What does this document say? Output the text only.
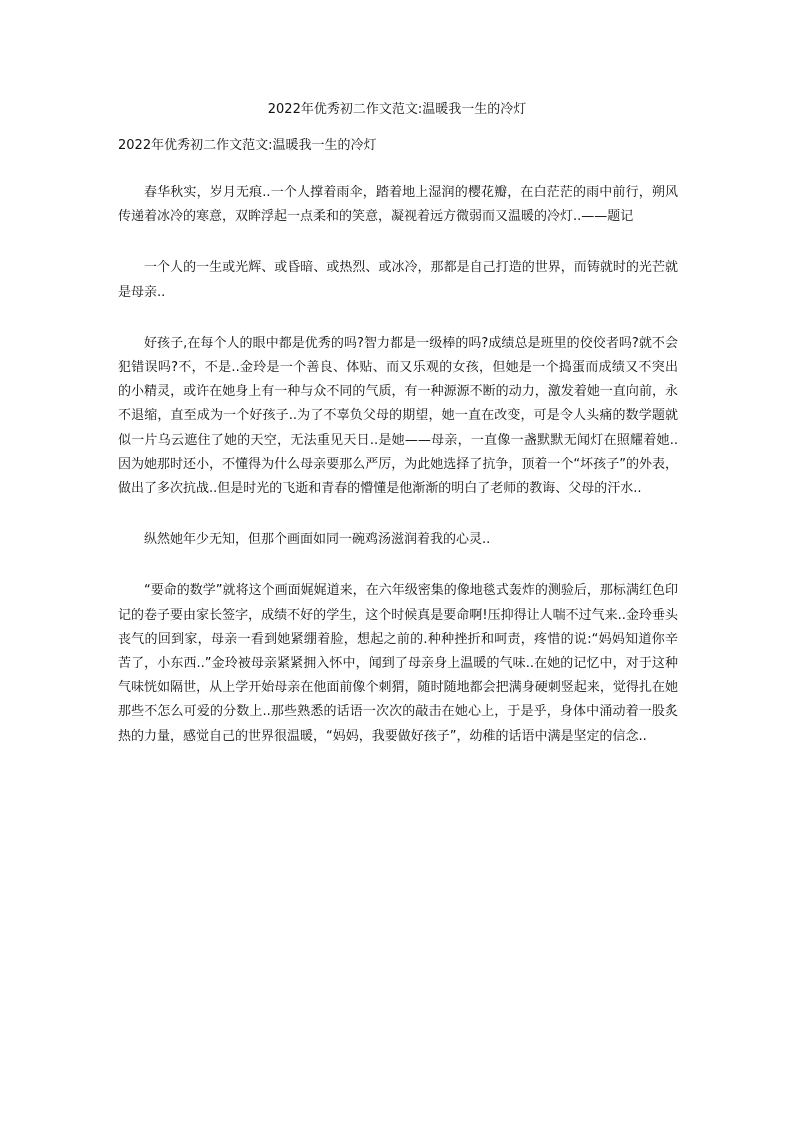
2022年优秀初二作文范文:温暖我一生的冷灯
2022年优秀初二作文范文:温暖我一生的冷灯

春华秋实，岁月无痕..一个人撑着雨伞，踏着地上湿润的樱花瓣，在白茫茫的雨中前行，朔风传递着冰冷的寒意，双眸浮起一点柔和的笑意，凝视着远方微弱而又温暖的冷灯..——题记

一个人的一生或光辉、或昏暗、或热烈、或冰冷，那都是自己打造的世界，而铸就时的光芒就是母亲..

好孩子,在每个人的眼中都是优秀的吗?智力都是一级棒的吗?成绩总是班里的佼佼者吗?就不会犯错误吗?不，不是..金玲是一个善良、体贴、而又乐观的女孩，但她是一个捣蛋而成绩又不突出的小精灵，或许在她身上有一种与众不同的气质，有一种源源不断的动力，激发着她一直向前，永不退缩，直至成为一个好孩子..为了不辜负父母的期望，她一直在改变，可是令人头痛的数学题就似一片乌云遮住了她的天空，无法重见天日..是她——母亲，一直像一盏默默无闻灯在照耀着她..因为她那时还小，不懂得为什么母亲要那么严厉，为此她选择了抗争，顶着一个“坏孩子”的外表，做出了多次抗战..但是时光的飞逝和青春的懵懂是他渐渐的明白了老师的教诲、父母的汗水..

纵然她年少无知，但那个画面如同一碗鸡汤滋润着我的心灵..

“要命的数学”就将这个画面娓娓道来，在六年级密集的像地毯式轰炸的测验后，那标满红色印记的卷子要由家长签字，成绩不好的学生，这个时候真是要命啊!压抑得让人喘不过气来..金玲垂头丧气的回到家，母亲一看到她紧绷着脸，想起之前的.种种挫折和呵责，疼惜的说:“妈妈知道你辛苦了，小东西..”金玲被母亲紧紧拥入怀中，闻到了母亲身上温暖的气味..在她的记忆中，对于这种气味恍如隔世，从上学开始母亲在他面前像个刺猬，随时随地都会把满身硬刺竖起来，觉得扎在她那些不怎么可爱的分数上..那些熟悉的话语一次次的敲击在她心上，于是乎，身体中涌动着一股炙热的力量，感觉自己的世界很温暖，“妈妈，我要做好孩子”，幼稚的话语中满是坚定的信念..
